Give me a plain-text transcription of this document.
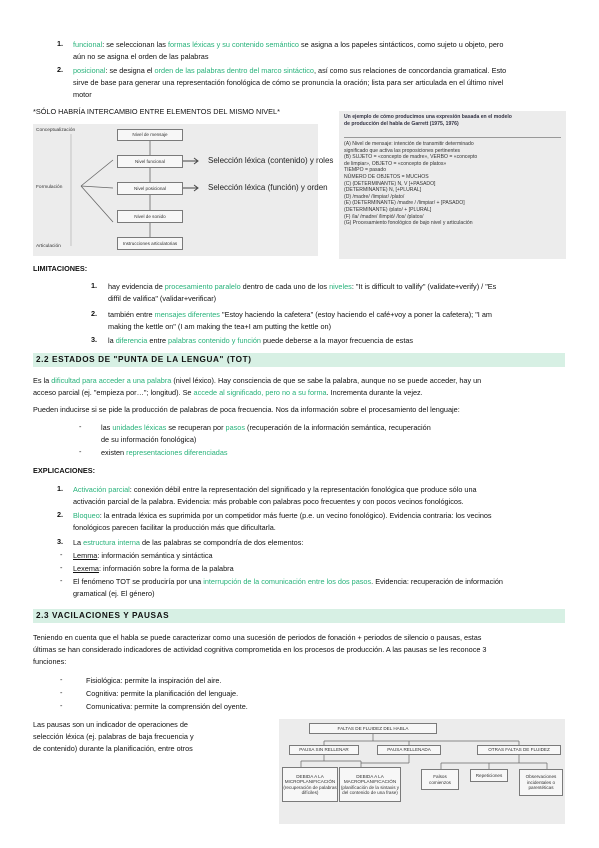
1. funcional: se seleccionan las formas léxicas y su contenido semántico se asigna a los papeles sintácticos, como sujeto u objeto, pero
aún no se asigna el orden de las palabras
2. posicional: se designa el orden de las palabras dentro del marco sintáctico, así como sus relaciones de concordancia gramatical. Esto
sirve de base para generar una representación fonológica de cómo se pronuncia la oración; lista para ser articulada en el último nivel
motor
*SÓLO HABRÍA INTERCAMBIO ENTRE ELEMENTOS DEL MISMO NIVEL*
Conceptualización
Formulación
Articulación
Nivel de mensaje
Nivel funcional
Nivel posicional
Nivel de sonido
Instrucciones articulatorias
Selección léxica (contenido) y roles
Selección léxica (función) y orden
Un ejemplo de cómo producimos una expresión basada en el modelo de producción del habla de Garrett (1975, 1976)
(A) Nivel de mensaje: intención de transmitir determinado
significado que activa las proposiciones pertinentes
(B) SUJETO = «concepto de madre», VERBO = «concepto
de limpiar», OBJETO = «concepto de platos»
TIEMPO = pasado
NÚMERO DE OBJETOS = MUCHOS
(C) (DETERMINANTE) N, V [+PASADO]
(DETERMINANTE) N, [+PLURAL]
(D) /madre/ /limpiar/ /plato/
(E) (DETERMINANTE) /madre / /limpiar/ + [PASADO]
(DETERMINANTE) /plato/ + [PLURAL]
(F) /la/ /madre/ /limpió/ /los/ /platos/
(G) Procesamiento fonológico de bajo nivel y articulación
LIMITACIONES:
1. hay evidencia de procesamiento paralelo dentro de cada uno de los niveles: "It is difficult to vallify" (validate+verify) / "Es
diffil de valifica" (validar+verificar)
2. también entre mensajes diferentes "Estoy haciendo la cafetera" (estoy haciendo el café+voy a poner la cafetera); "I am
making the kettle on" (I am making the tea+I am putting the kettle on)
3. la diferencia entre palabras contenido y función puede deberse a la mayor frecuencia de estas
2.2 ESTADOS DE "PUNTA DE LA LENGUA" (TOT)
Es la dificultad para acceder a una palabra (nivel léxico). Hay consciencia de que se sabe la palabra, aunque no se puede acceder, hay un
acceso parcial (ej. "empieza por…"; longitud). Se accede al significado, pero no a su forma. Incrementa durante la vejez.
Pueden inducirse si se pide la producción de palabras de poca frecuencia. Nos da información sobre el procesamiento del lenguaje:
-	las unidades léxicas se recuperan por pasos (recuperación de la información semántica, recuperación
de su información fonológica)
-	existen representaciones diferenciadas
EXPLICACIONES:
1. Activación parcial: conexión débil entre la representación del significado y la representación fonológica que produce sólo una
activación parcial de la palabra. Evidencia: más probable con palabras poco frecuentes y con pocos vecinos fonológicos.
2. Bloqueo: la entrada léxica es suprimida por un competidor más fuerte (p.e. un vecino fonológico). Evidencia contraria: los vecinos
fonológicos parecen facilitar la producción más que dificultarla.
3. La estructura interna de las palabras se compondría de dos elementos:
- Lemma: información semántica y sintáctica
- Lexema: información sobre la forma de la palabra
- El fenómeno TOT se produciría por una interrupción de la comunicación entre los dos pasos. Evidencia: recuperación de información
gramatical (ej. El género)
2.3 VACILACIONES Y PAUSAS
Teniendo en cuenta que el habla se puede caracterizar como una sucesión de periodos de fonación + periodos de silencio o pausas, estas
últimas se han considerado indicadores de actividad cognitiva comprometida en los procesos de producción. A las pausas se les reconoce 3
funciones:
-	Fisiológica: permite la inspiración del aire.
-	Cognitiva: permite la planificación del lenguaje.
-	Comunicativa: permite la comprensión del oyente.
Las pausas son un indicador de operaciones de
selección léxica (ej. palabras de baja frecuencia y
de contenido) durante la planificación, entre otros
FALTAS DE FLUIDEZ DEL HABLA
PAUSA SIN RELLENAR	PAUSA RELLENADA	OTRAS FALTAS DE FLUIDEZ
DEBIDA A LA MICROPLANIFICACIÓN (recuperación de palabras difíciles)
DEBIDA A LA MACROPLANIFICACIÓN (planificación de la sintaxis y del contenido de una frase)
Falsos comienzos
Repeticiones	Observaciones incidentales o parentéticas
